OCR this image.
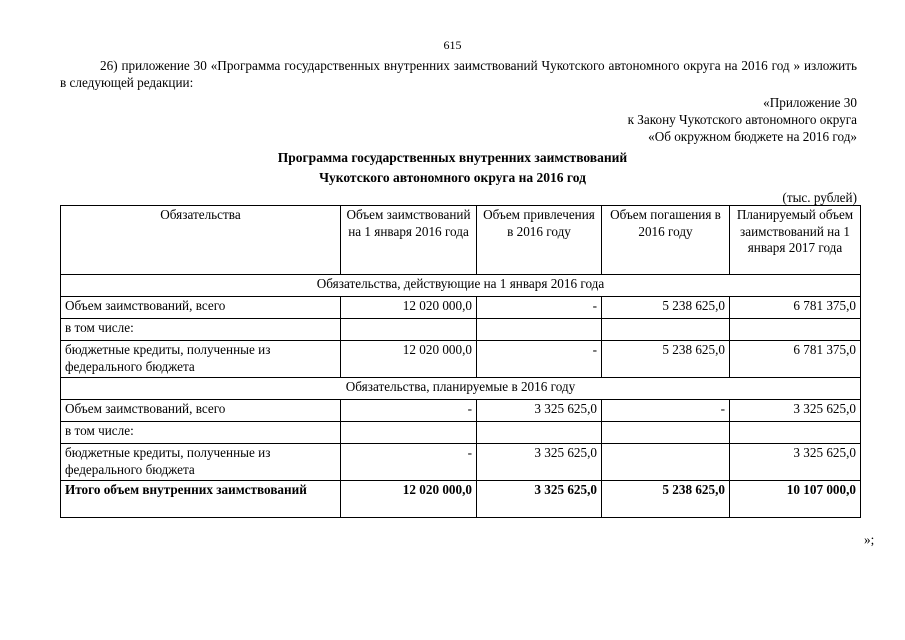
615
26) приложение 30 «Программа государственных внутренних заимствований Чукотского автономного округа на 2016 год » изложить в следующей редакции:
«Приложение 30
к Закону Чукотского автономного округа
«Об окружном бюджете на 2016 год»
Программа государственных внутренних заимствований
Чукотского автономного округа на 2016 год
(тыс. рублей)
Обязательства	Объем заимствований на 1 января 2016 года	Объем привлечения в 2016 году	Объем погашения в 2016 году	Планируемый объем заимствований на 1 января 2017 года
Обязательства, действующие на 1 января 2016 года				
Объем заимствований, всего	12 020 000,0	-	5 238 625,0	6 781 375,0
в том числе:				
бюджетные кредиты, полученные из федерального бюджета	12 020 000,0	-	5 238 625,0	6 781 375,0
Обязательства, планируемые в 2016 году				
Объем заимствований, всего	-	3 325 625,0	-	3 325 625,0
в том числе:				
бюджетные кредиты, полученные из федерального бюджета	-	3 325 625,0		3 325 625,0
Итого объем внутренних заимствований	12 020 000,0	3 325 625,0	5 238 625,0	10 107 000,0
»;
